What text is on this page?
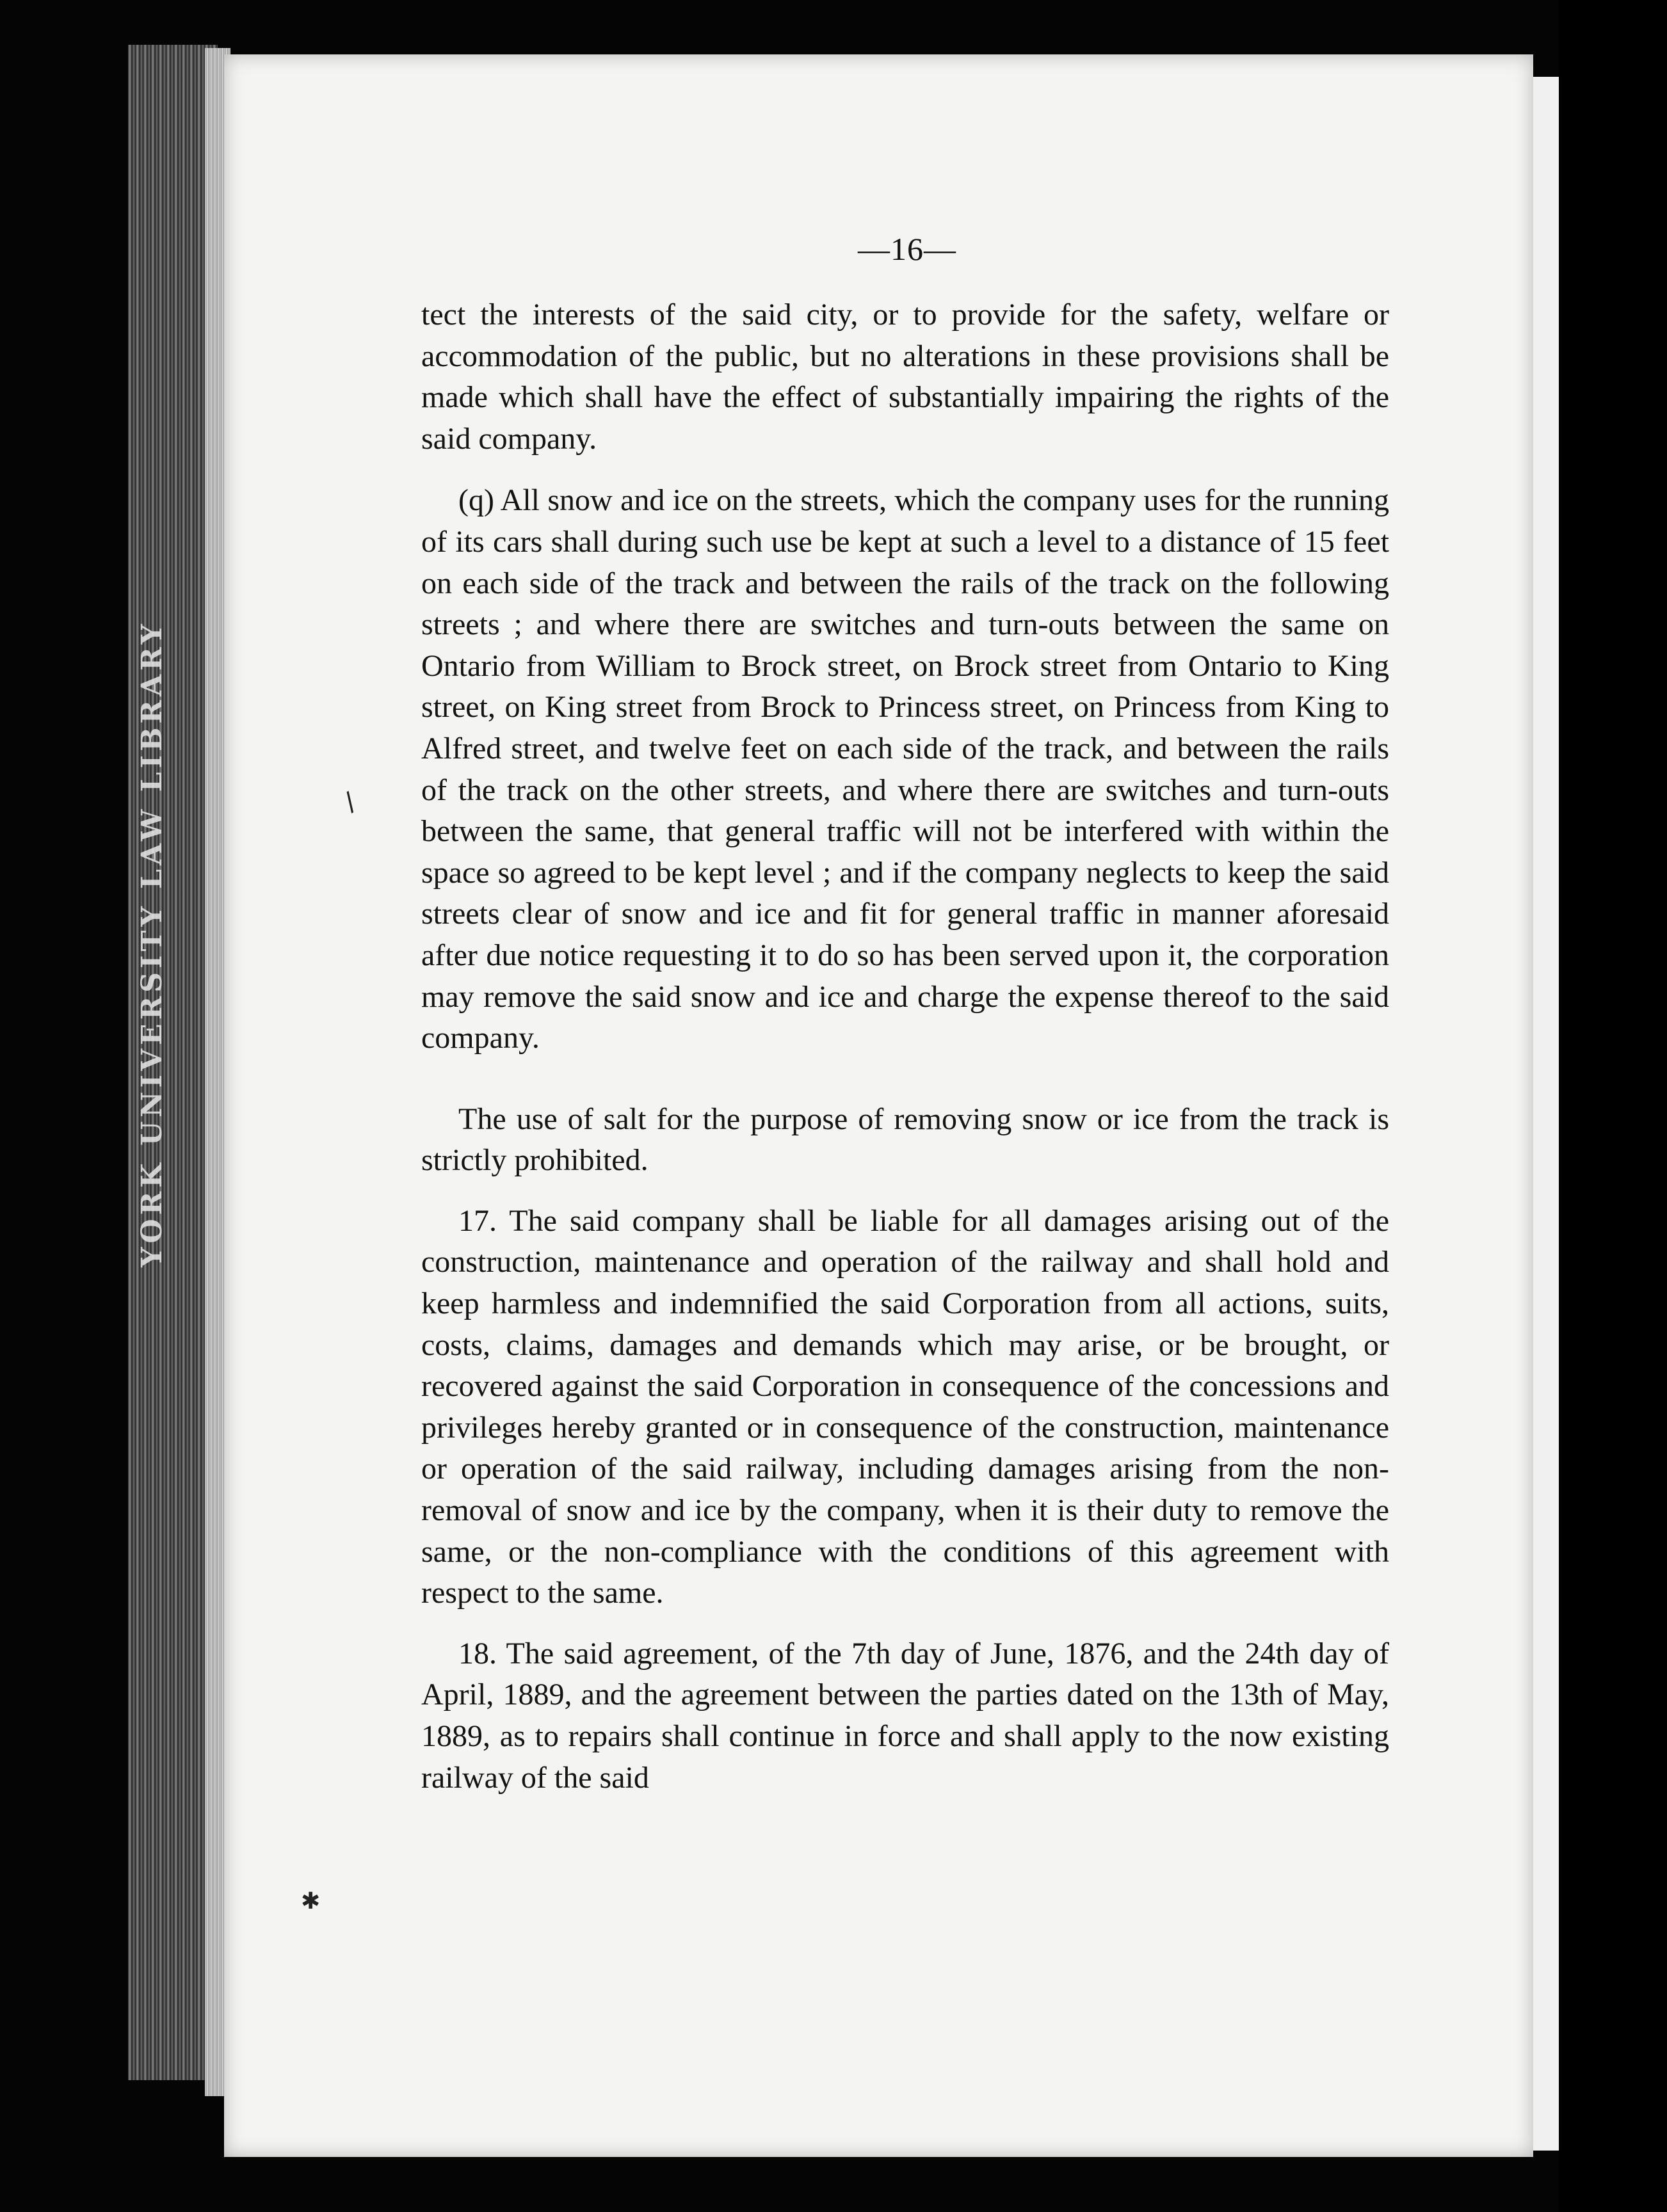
YORK UNIVERSITY LAW LIBRARY	/
✱
—16—

tect the interests of the said city, or to provide for the safety, welfare or accommodation of the public, but no alterations in these provisions shall be made which shall have the effect of substantially impairing the rights of the said company.

(q) All snow and ice on the streets, which the company uses for the running of its cars shall during such use be kept at such a level to a distance of 15 feet on each side of the track and between the rails of the track on the following streets ; and where there are switches and turn-outs between the same on Ontario from William to Brock street, on Brock street from Ontario to King street, on King street from Brock to Princess street, on Princess from King to Alfred street, and twelve feet on each side of the track, and between the rails of the track on the other streets, and where there are switches and turn-outs between the same, that general traffic will not be interfered with within the space so agreed to be kept level ; and if the company neglects to keep the said streets clear of snow and ice and fit for general traffic in manner aforesaid after due notice requesting it to do so has been served upon it, the corporation may remove the said snow and ice and charge the expense thereof to the said company.

The use of salt for the purpose of removing snow or ice from the track is strictly prohibited.

17. The said company shall be liable for all damages arising out of the construction, maintenance and operation of the railway and shall hold and keep harmless and indemnified the said Corporation from all actions, suits, costs, claims, damages and demands which may arise, or be brought, or recovered against the said Corporation in consequence of the concessions and privileges hereby granted or in consequence of the construction, maintenance or operation of the said railway, including damages arising from the non-removal of snow and ice by the company, when it is their duty to remove the same, or the non-compliance with the conditions of this agreement with respect to the same.

18. The said agreement, of the 7th day of June, 1876, and the 24th day of April, 1889, and the agreement between the parties dated on the 13th of May, 1889, as to repairs shall continue in force and shall apply to the now existing railway of the said
